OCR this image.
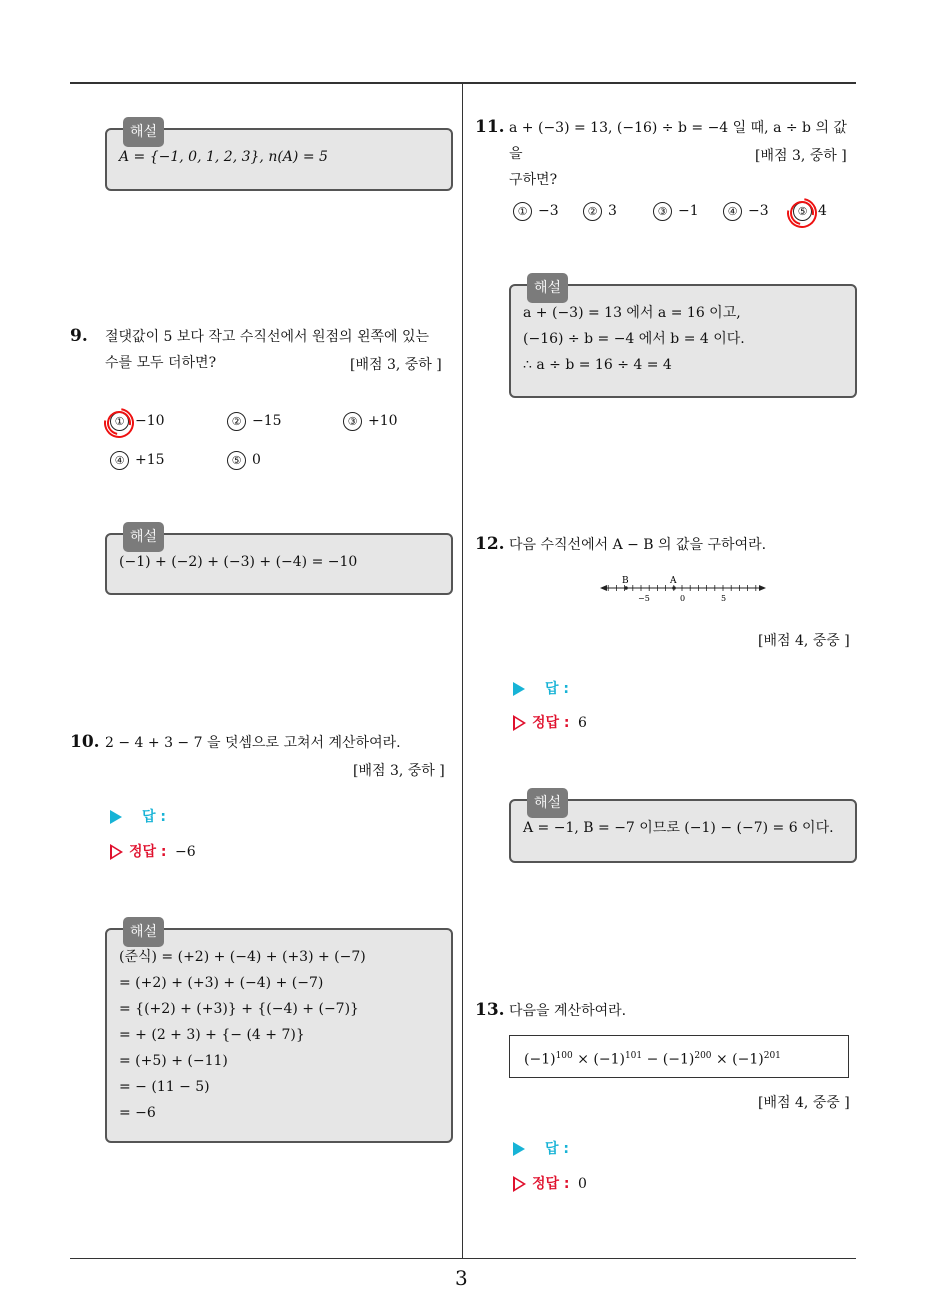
3
해설
A = {−1, 0, 1, 2, 3}, n(A) = 5
9. 절댓값이 5 보다 작고 수직선에서 원점의 왼쪽에 있는
수를 모두 더하면?	[배점 3, 중하 ]
① −10	② −15	③ +10
④ +15	⑤ 0
해설
(−1) + (−2) + (−3) + (−4) = −10
10. 2 − 4 + 3 − 7 을 덧셈으로 고쳐서 계산하여라.
[배점 3, 중하 ]
답 :
정답 : −6
해설
(준식) = (+2) + (−4) + (+3) + (−7)
= (+2) + (+3) + (−4) + (−7)
= {(+2) + (+3)} + {(−4) + (−7)}
= + (2 + 3) + {− (4 + 7)}
= (+5) + (−11)
= − (11 − 5)
= −6
11. a + (−3) = 13, (−16) ÷ b = −4 일 때, a ÷ b 의 값을
구하면?
[배점 3, 중하 ]
① −3	② 3	③ −1	④ −3	⑤ 4
해설
a + (−3) = 13 에서 a = 16 이고,
(−16) ÷ b = −4 에서 b = 4 이다.
∴ a ÷ b = 16 ÷ 4 = 4
12. 다음 수직선에서 A − B 의 값을 구하여라.
B	A
−5	0	5
[배점 4, 중중 ]
답 :
정답 : 6
해설
A = −1, B = −7 이므로 (−1) − (−7) = 6 이다.
13. 다음을 계산하여라.
$(-1)^{100} \times (-1)^{101} - (-1)^{200} \times (-1)^{201}$
[배점 4, 중중 ]
답 :
정답 : 0
